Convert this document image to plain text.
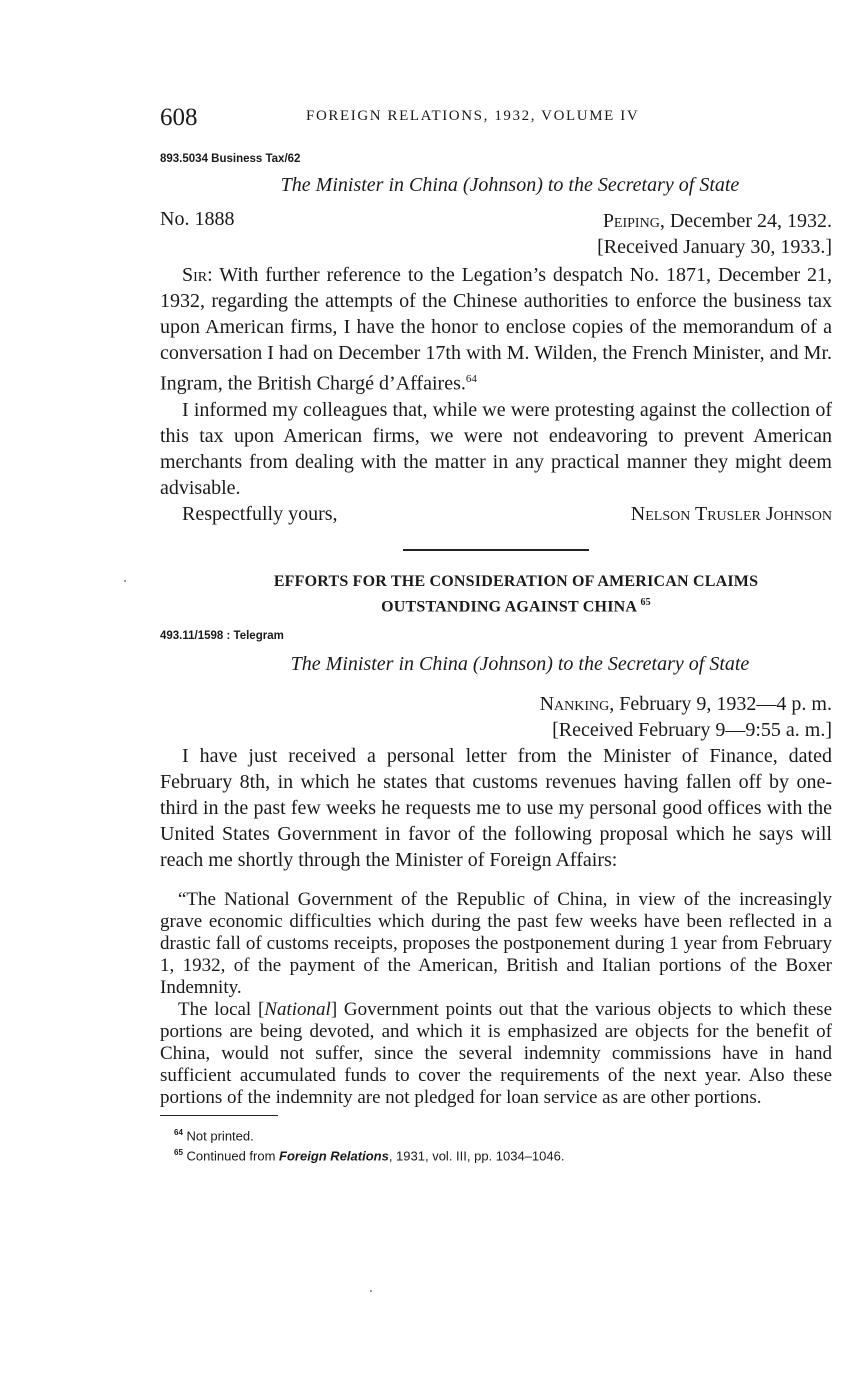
608	FOREIGN RELATIONS, 1932, VOLUME IV
893.5034 Business Tax/62
The Minister in China (Johnson) to the Secretary of State
No. 1888	Peiping, December 24, 1932.
[Received January 30, 1933.]

Sir: With further reference to the Legation’s despatch No. 1871, December 21, 1932, regarding the attempts of the Chinese authorities to enforce the business tax upon American firms, I have the honor to enclose copies of the memorandum of a conversation I had on December 17th with M. Wilden, the French Minister, and Mr. Ingram, the British Chargé d’Affaires.$^{64}$

I informed my colleagues that, while we were protesting against the collection of this tax upon American firms, we were not endeavoring to prevent American merchants from dealing with the matter in any practical manner they might deem advisable.

Respectfully yours,	Nelson Trusler Johnson
EFFORTS FOR THE CONSIDERATION OF AMERICAN CLAIMS
OUTSTANDING AGAINST CHINA $^{65}$
493.11/1598 : Telegram
The Minister in China (Johnson) to the Secretary of State
Nanking, February 9, 1932—4 p. m.
[Received February 9—9:55 a. m.]

I have just received a personal letter from the Minister of Finance, dated February 8th, in which he states that customs revenues having fallen off by one-third in the past few weeks he requests me to use my personal good offices with the United States Government in favor of the following proposal which he says will reach me shortly through the Minister of Foreign Affairs:

“The National Government of the Republic of China, in view of the increasingly grave economic difficulties which during the past few weeks have been reflected in a drastic fall of customs receipts, proposes the postponement during 1 year from February 1, 1932, of the payment of the American, British and Italian portions of the Boxer Indemnity.

The local [National] Government points out that the various objects to which these portions are being devoted, and which it is emphasized are objects for the benefit of China, would not suffer, since the several indemnity commissions have in hand sufficient accumulated funds to cover the requirements of the next year. Also these portions of the indemnity are not pledged for loan service as are other portions.

$^{64}$ Not printed.
$^{65}$ Continued from Foreign Relations, 1931, vol. III, pp. 1034–1046.
